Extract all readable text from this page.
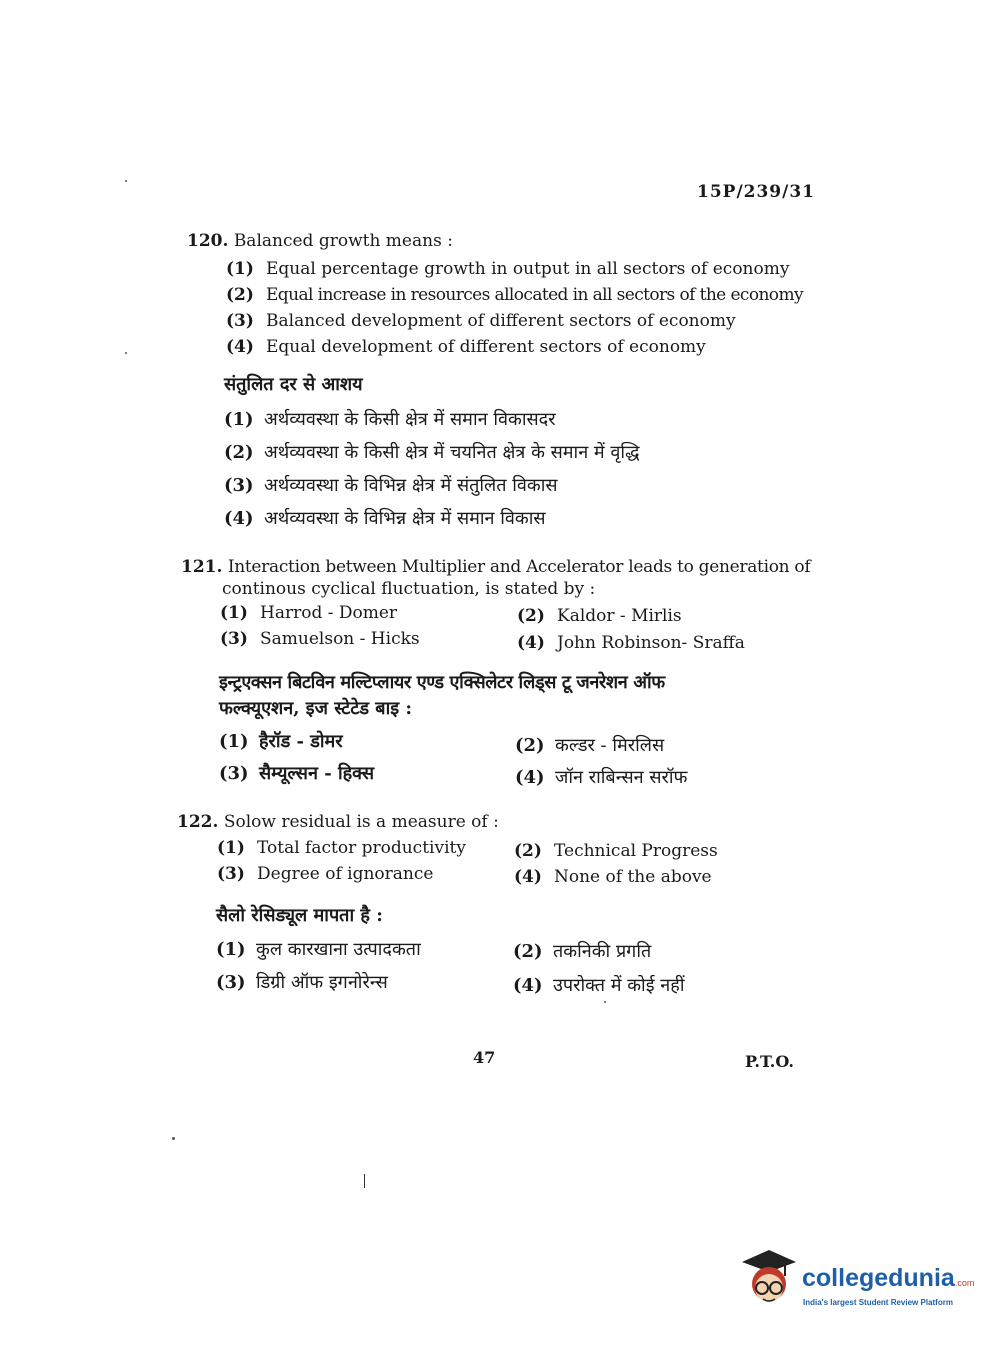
15P/239/31
120. Balanced growth means :
(1) Equal percentage growth in output in all sectors of economy
(2) Equal increase in resources allocated in all sectors of the economy
(3) Balanced development of different sectors of economy
(4) Equal development of different sectors of economy
संतुलित दर से आशय
(1) अर्थव्यवस्था के किसी क्षेत्र में समान विकासदर
(2) अर्थव्यवस्था के किसी क्षेत्र में चयनित क्षेत्र के समान में वृद्धि
(3) अर्थव्यवस्था के विभिन्न क्षेत्र में संतुलित विकास
(4) अर्थव्यवस्था के विभिन्न क्षेत्र में समान विकास
121. Interaction between Multiplier and Accelerator leads to generation of
continous cyclical fluctuation, is stated by :
(1) Harrod - Domer	(2) Kaldor - Mirlis
(3) Samuelson - Hicks	(4) John Robinson- Sraffa
इन्ट्रएक्सन बिटविन मल्टिप्लायर एण्ड एक्सिलेटर लिड्स टू जनरेशन ऑफ
फल्क्यूएशन, इज स्टेटेड बाइ :
(1) हैरॉड - डोमर	(2) कल्डर - मिरलिस
(3) सैम्यूल्सन - हिक्स	(4) जॉन राबिन्सन सरॉफ
122. Solow residual is a measure of :
(1) Total factor productivity	(2) Technical Progress
(3) Degree of ignorance	(4) None of the above
सैलो रेसिड्यूल मापता है :
(1) कुल कारखाना उत्पादकता	(2) तकनिकी प्रगति
(3) डिग्री ऑफ इगनोरेन्स	(4) उपरोक्त में कोई नहीं
47	P.T.O.
collegedunia.com
India's largest Student Review Platform
